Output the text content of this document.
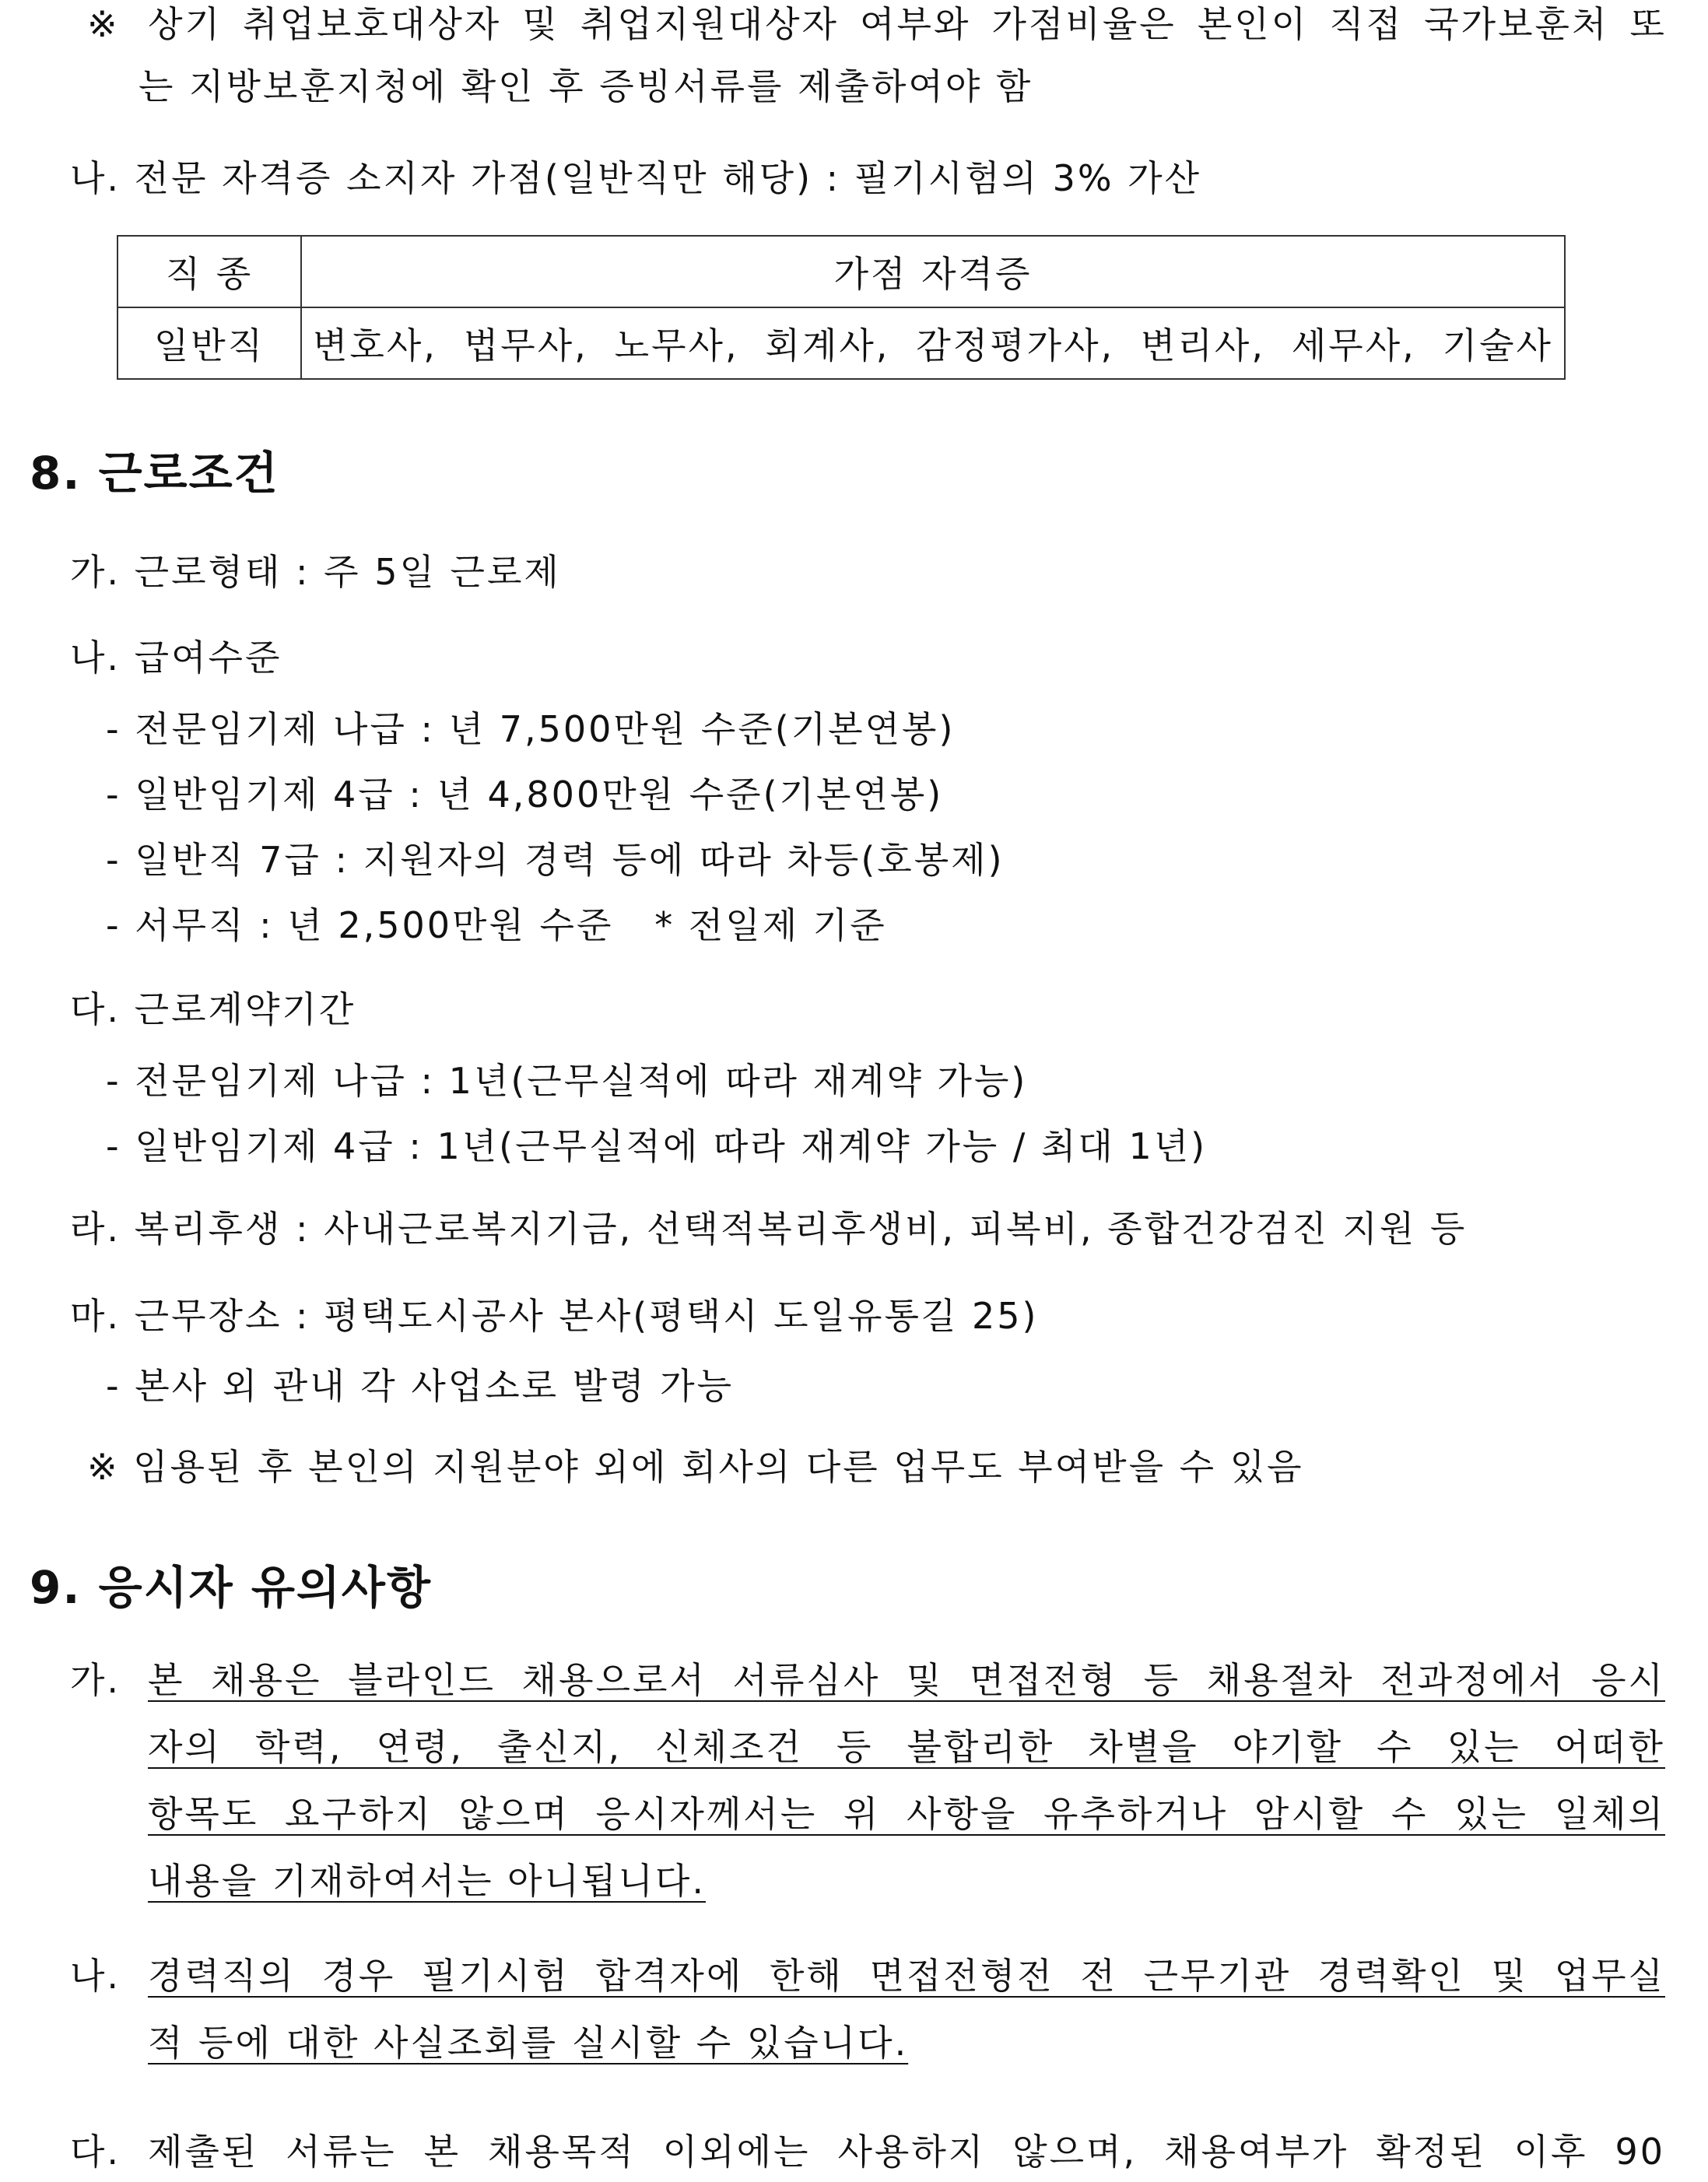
※ 상기 취업보호대상자 및 취업지원대상자 여부와 가점비율은 본인이 직접 국가보훈처 또
는 지방보훈지청에 확인 후 증빙서류를 제출하여야 함
나. 전문 자격증 소지자 가점(일반직만 해당) : 필기시험의 3% 가산
직 종	가점 자격증
일반직	변호사, 법무사, 노무사, 회계사, 감정평가사, 변리사, 세무사, 기술사
8. 근로조건
가. 근로형태 : 주 5일 근로제
나. 급여수준
- 전문임기제 나급 : 년 7,500만원 수준(기본연봉)
- 일반임기제 4급 : 년 4,800만원 수준(기본연봉)
- 일반직 7급 : 지원자의 경력 등에 따라 차등(호봉제)
- 서무직 : 년 2,500만원 수준   * 전일제 기준
다. 근로계약기간
- 전문임기제 나급 : 1년(근무실적에 따라 재계약 가능)
- 일반임기제 4급 : 1년(근무실적에 따라 재계약 가능 / 최대 1년)
라. 복리후생 : 사내근로복지기금, 선택적복리후생비, 피복비, 종합건강검진 지원 등
마. 근무장소 : 평택도시공사 본사(평택시 도일유통길 25)
- 본사 외 관내 각 사업소로 발령 가능
※ 임용된 후 본인의 지원분야 외에 회사의 다른 업무도 부여받을 수 있음
9. 응시자 유의사항
가. 본 채용은 블라인드 채용으로서 서류심사 및 면접전형 등 채용절차 전과정에서 응시
자의 학력, 연령, 출신지, 신체조건 등 불합리한 차별을 야기할 수 있는 어떠한
항목도 요구하지 않으며 응시자께서는 위 사항을 유추하거나 암시할 수 있는 일체의
내용을 기재하여서는 아니됩니다.
나. 경력직의 경우 필기시험 합격자에 한해 면접전형전 전 근무기관 경력확인 및 업무실
적 등에 대한 사실조회를 실시할 수 있습니다.
다. 제출된 서류는 본 채용목적 이외에는 사용하지 않으며, 채용여부가 확정된 이후 90
